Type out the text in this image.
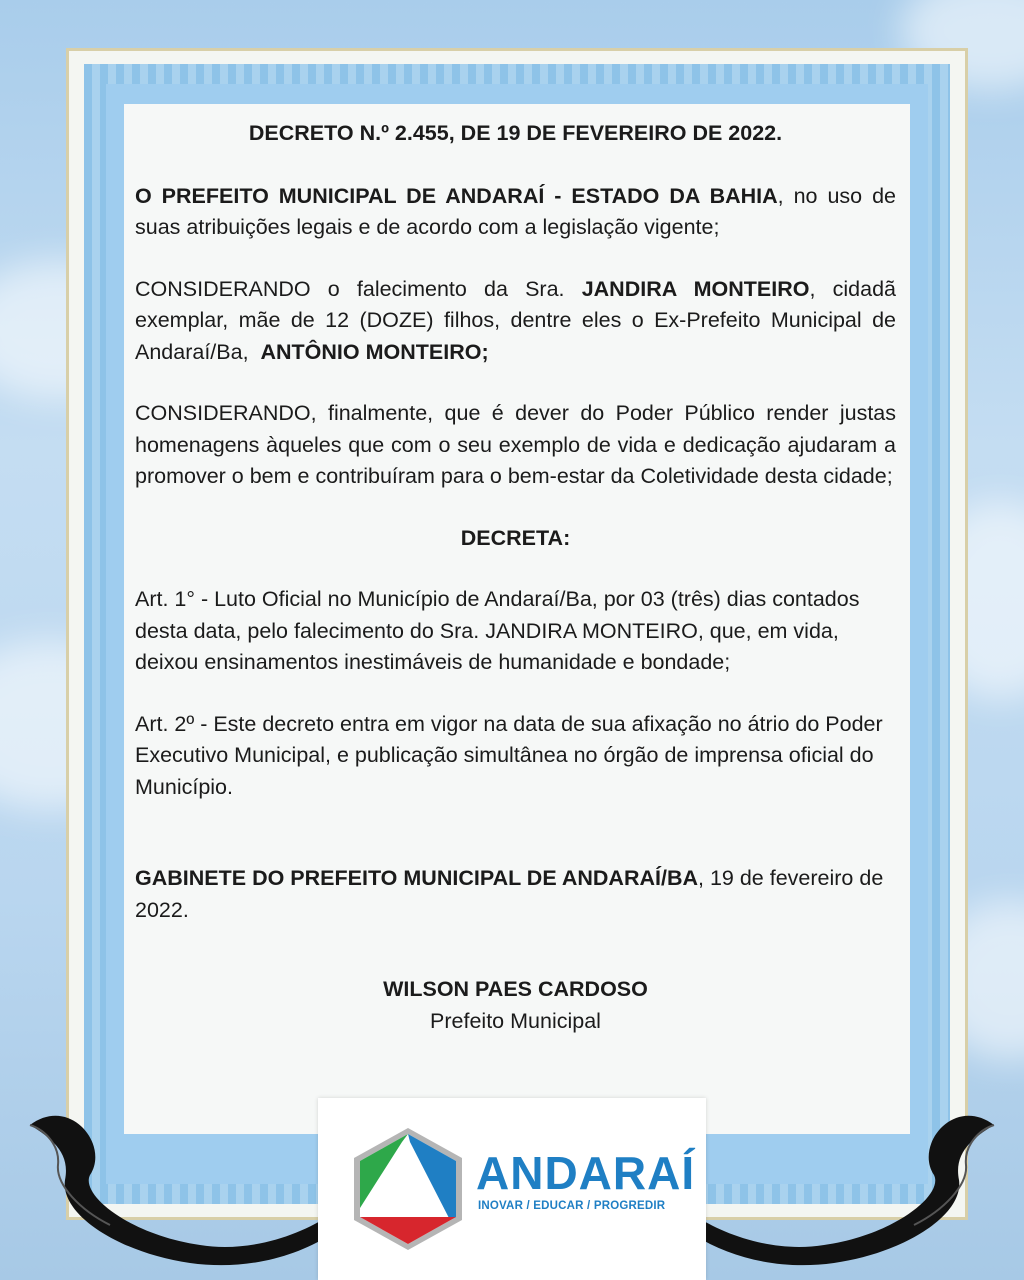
DECRETO N.º 2.455, DE 19 DE FEVEREIRO DE 2022.

O PREFEITO MUNICIPAL DE ANDARAÍ - ESTADO DA BAHIA, no uso de suas atribuições legais e de acordo com a legislação vigente;

CONSIDERANDO o falecimento da Sra. JANDIRA MONTEIRO, cidadã exemplar, mãe de 12 (DOZE) filhos, dentre eles o Ex-Prefeito Municipal de Andaraí/Ba,  ANTÔNIO MONTEIRO;

CONSIDERANDO, finalmente, que é dever do Poder Público render justas homenagens àqueles que com o seu exemplo de vida e dedicação ajudaram a promover o bem e contribuíram para o bem-estar da Coletividade desta cidade;

DECRETA:

Art. 1° - Luto Oficial no Município de Andaraí/Ba, por 03 (três) dias contados desta data, pelo falecimento do Sra. JANDIRA MONTEIRO, que, em vida, deixou ensinamentos inestimáveis de humanidade e bondade;

Art. 2º - Este decreto entra em vigor na data de sua afixação no átrio do Poder Executivo Municipal, e publicação simultânea no órgão de imprensa oficial do Município.

GABINETE DO PREFEITO MUNICIPAL DE ANDARAÍ/BA, 19 de fevereiro de 2022.

WILSON PAES CARDOSO

Prefeito Municipal

ANDARAÍ
INOVAR / EDUCAR / PROGREDIR
